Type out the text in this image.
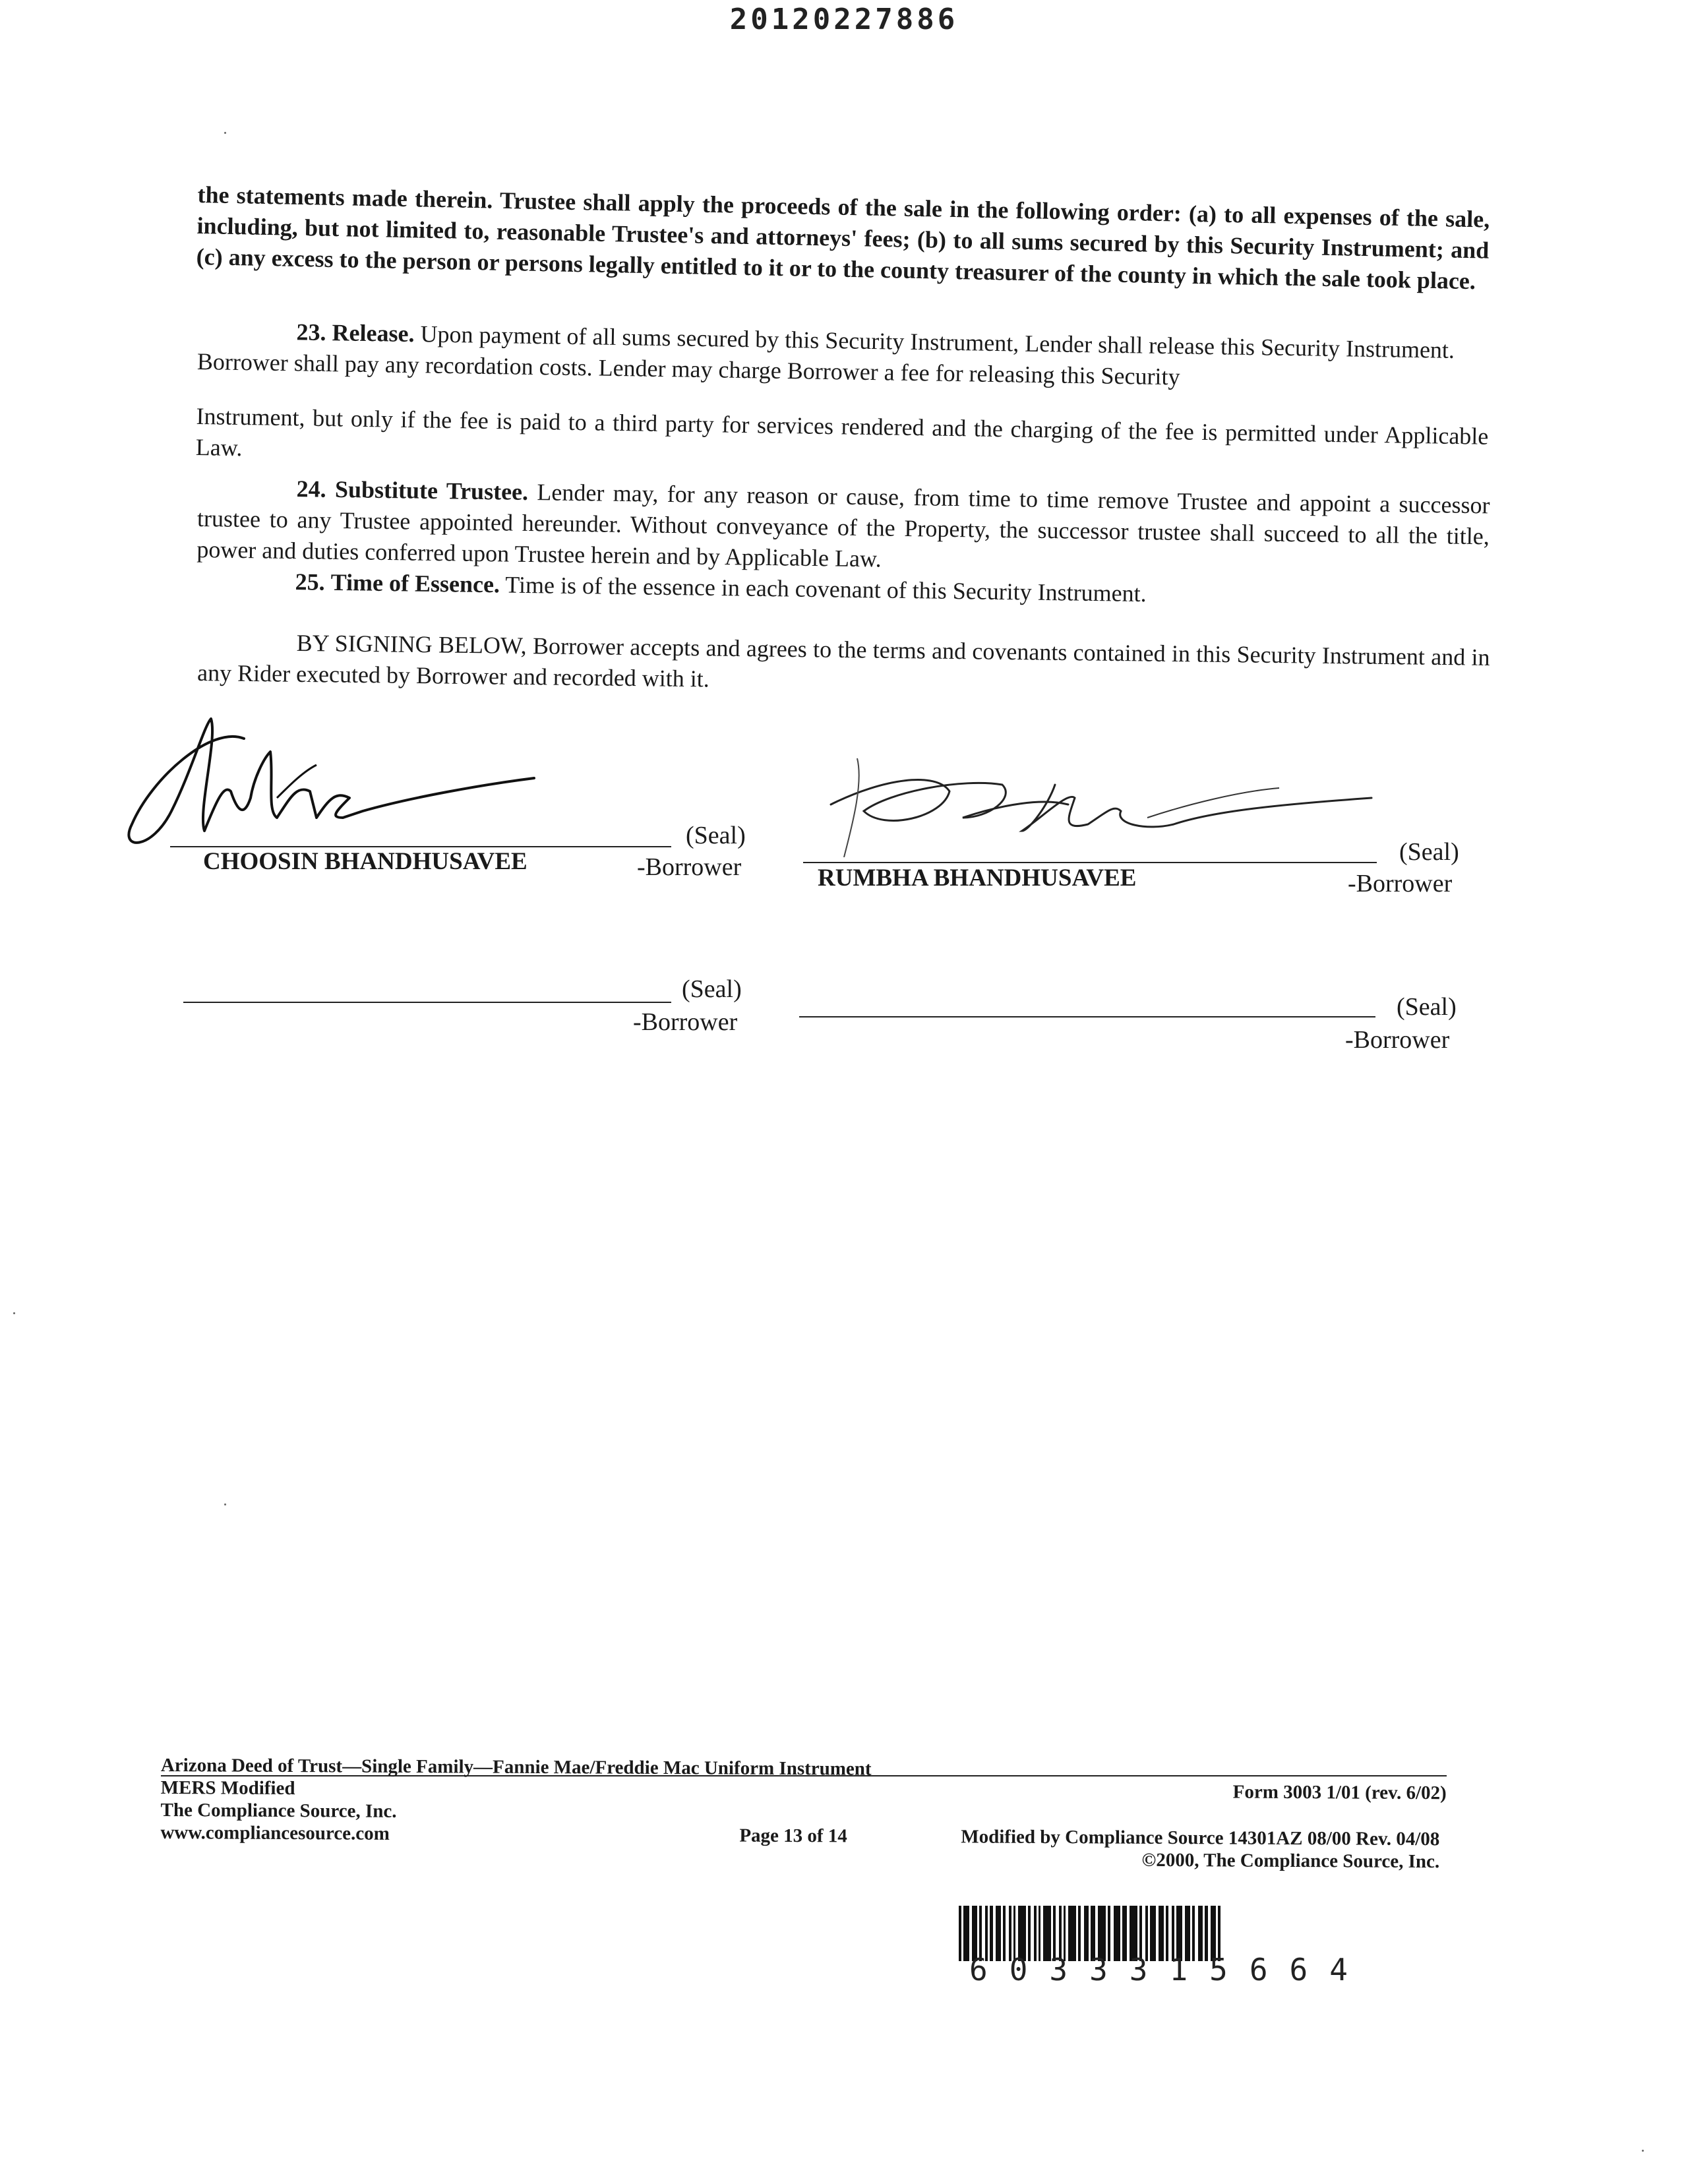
20120227886
the statements made therein. Trustee shall apply the proceeds of the sale in the following order: (a) to all expenses of the sale, including, but not limited to, reasonable Trustee's and attorneys' fees; (b) to all sums secured by this Security Instrument; and (c) any excess to the person or persons legally entitled to it or to the county treasurer of the county in which the sale took place.
23. Release. Upon payment of all sums secured by this Security Instrument, Lender shall release this Security Instrument. Borrower shall pay any recordation costs. Lender may charge Borrower a fee for releasing this Security
Instrument, but only if the fee is paid to a third party for services rendered and the charging of the fee is permitted under Applicable Law.
24. Substitute Trustee. Lender may, for any reason or cause, from time to time remove Trustee and appoint a successor trustee to any Trustee appointed hereunder. Without conveyance of the Property, the successor trustee shall succeed to all the title, power and duties conferred upon Trustee herein and by Applicable Law.
25. Time of Essence. Time is of the essence in each covenant of this Security Instrument.
BY SIGNING BELOW, Borrower accepts and agrees to the terms and covenants contained in this Security Instrument and in any Rider executed by Borrower and recorded with it.
(Seal)
CHOOSIN BHANDHUSAVEE	-Borrower
(Seal)
RUMBHA BHANDHUSAVEE	-Borrower
(Seal)
-Borrower
(Seal)
-Borrower
Arizona Deed of Trust—Single Family—Fannie Mae/Freddie Mac Uniform Instrument
MERS Modified
The Compliance Source, Inc.
www.compliancesource.com
Form 3003 1/01 (rev. 6/02)
Page 13 of 14	Modified by Compliance Source 14301AZ 08/00 Rev. 04/08
©2000, The Compliance Source, Inc.
6033315664
